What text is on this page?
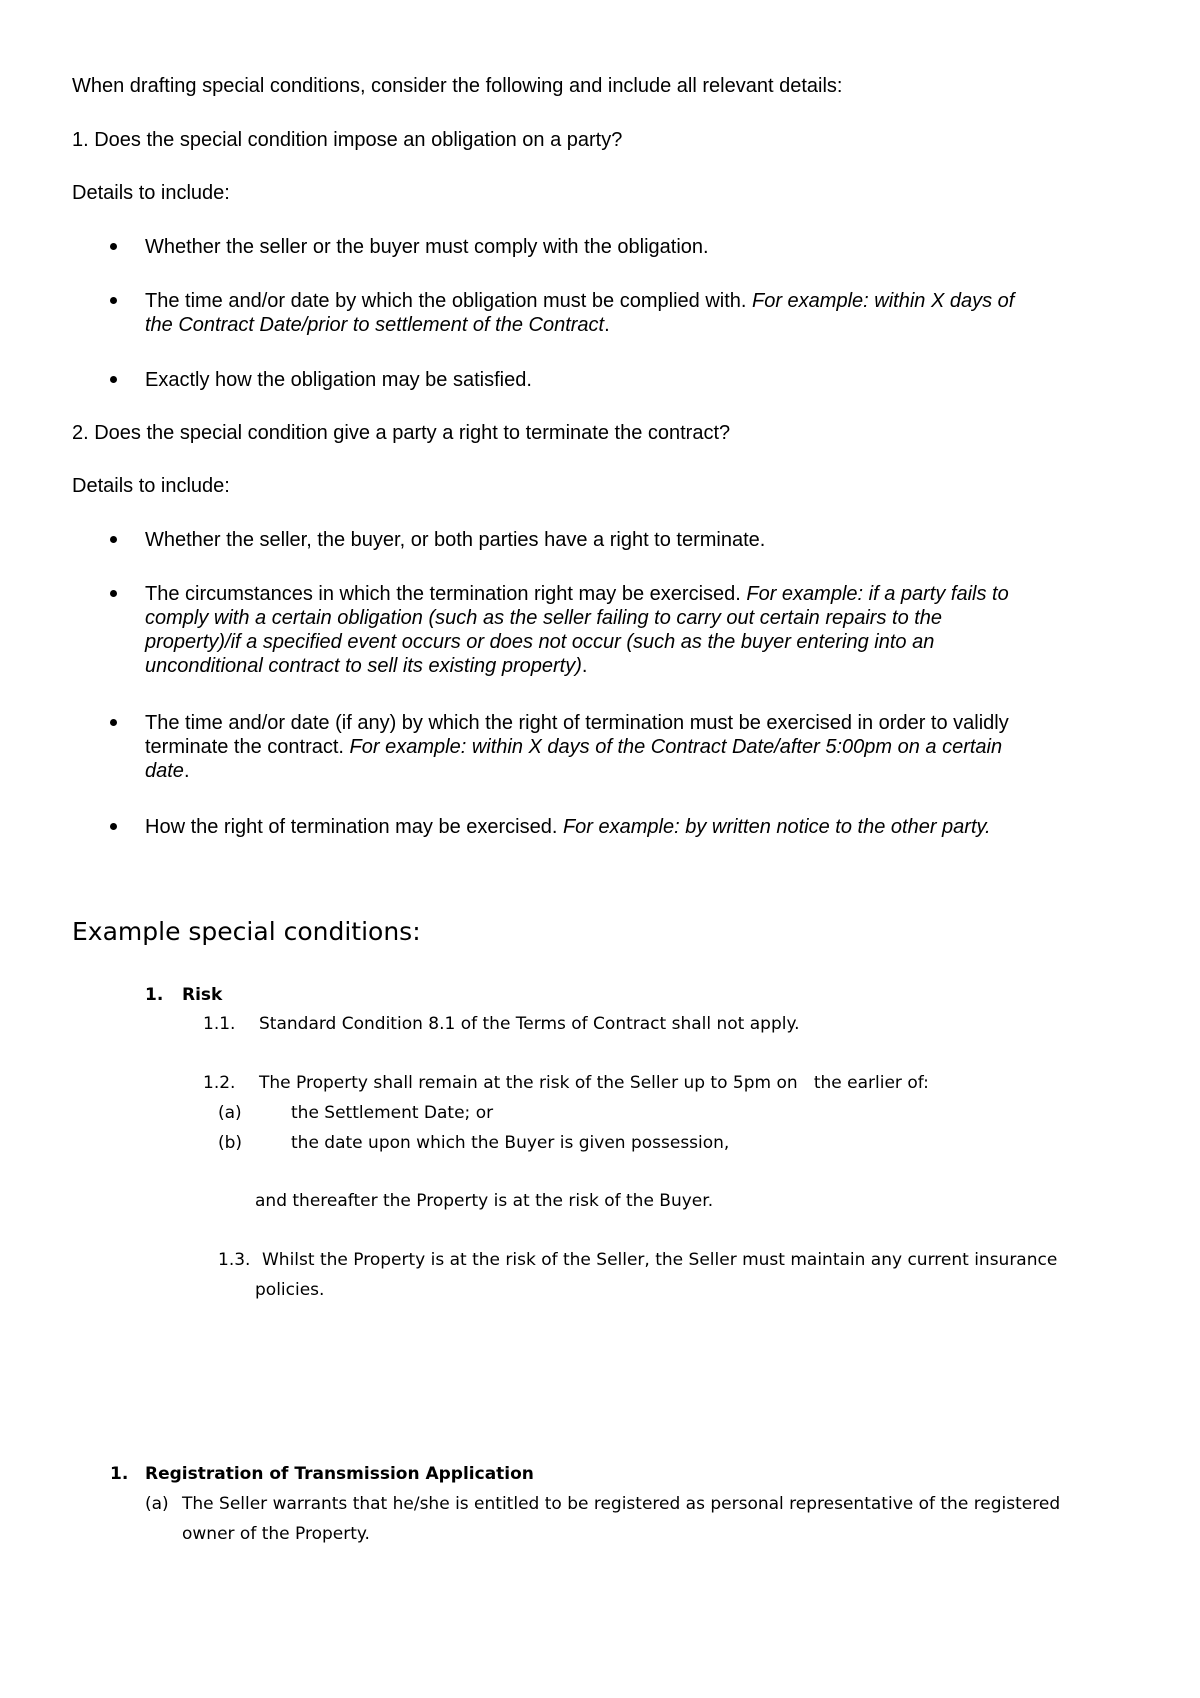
When drafting special conditions, consider the following and include all relevant details:
1. Does the special condition impose an obligation on a party?
Details to include:
Whether the seller or the buyer must comply with the obligation.
The time and/or date by which the obligation must be complied with. For example: within X days of
the Contract Date/prior to settlement of the Contract.
Exactly how the obligation may be satisfied.
2. Does the special condition give a party a right to terminate the contract?
Details to include:
Whether the seller, the buyer, or both parties have a right to terminate.
The circumstances in which the termination right may be exercised. For example: if a party fails to
comply with a certain obligation (such as the seller failing to carry out certain repairs to the
property)/if a specified event occurs or does not occur (such as the buyer entering into an
unconditional contract to sell its existing property).
The time and/or date (if any) by which the right of termination must be exercised in order to validly
terminate the contract. For example: within X days of the Contract Date/after 5:00pm on a certain
date.
How the right of termination may be exercised. For example: by written notice to the other party.
Example special conditions:
1. Risk
1.1. Standard Condition 8.1 of the Terms of Contract shall not apply.
1.2. The Property shall remain at the risk of the Seller up to 5pm on   the earlier of:
(a)	the Settlement Date; or
(b)	the date upon which the Buyer is given possession,
and thereafter the Property is at the risk of the Buyer.
1.3. Whilst the Property is at the risk of the Seller, the Seller must maintain any current insurance
policies.
1. Registration of Transmission Application
(a) The Seller warrants that he/she is entitled to be registered as personal representative of the registered
owner of the Property.
